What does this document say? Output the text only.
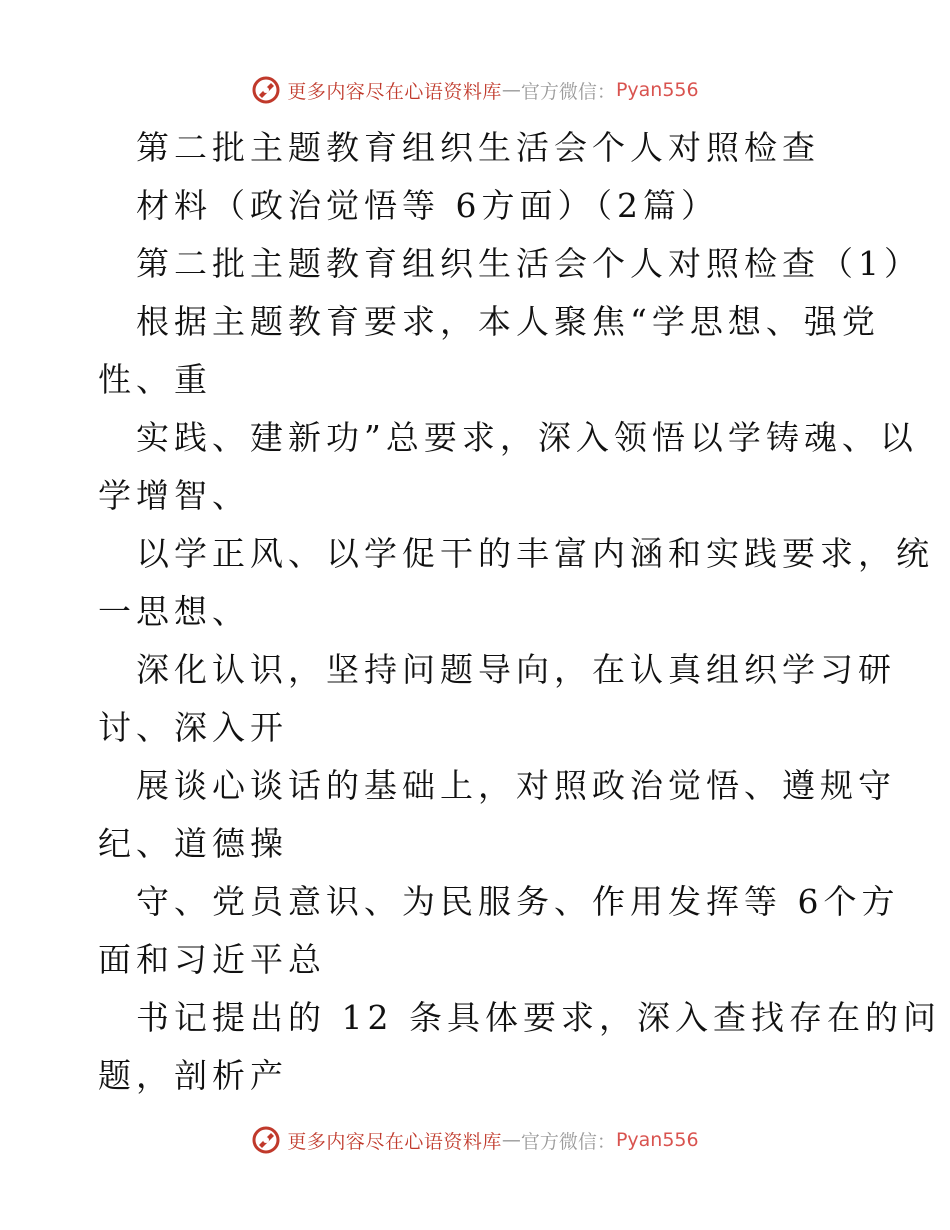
更多内容尽在心语资料库 — 官方微信： Pyan556
第二批主题教育组织生活会个人对照检查
材料（政治觉悟等 6方面）（2篇）
第二批主题教育组织生活会个人对照检查（1）
根据主题教育要求，本人聚焦“学思想、强党
性、重
实践、建新功”总要求，深入领悟以学铸魂、以
学增智、
以学正风、以学促干的丰富内涵和实践要求，统
一思想、
深化认识，坚持问题导向，在认真组织学习研
讨、深入开
展谈心谈话的基础上，对照政治觉悟、遵规守
纪、道德操
守、党员意识、为民服务、作用发挥等 6个方
面和习近平总
书记提出的 12 条具体要求，深入查找存在的问
题，剖析产
更多内容尽在心语资料库 — 官方微信： Pyan556
